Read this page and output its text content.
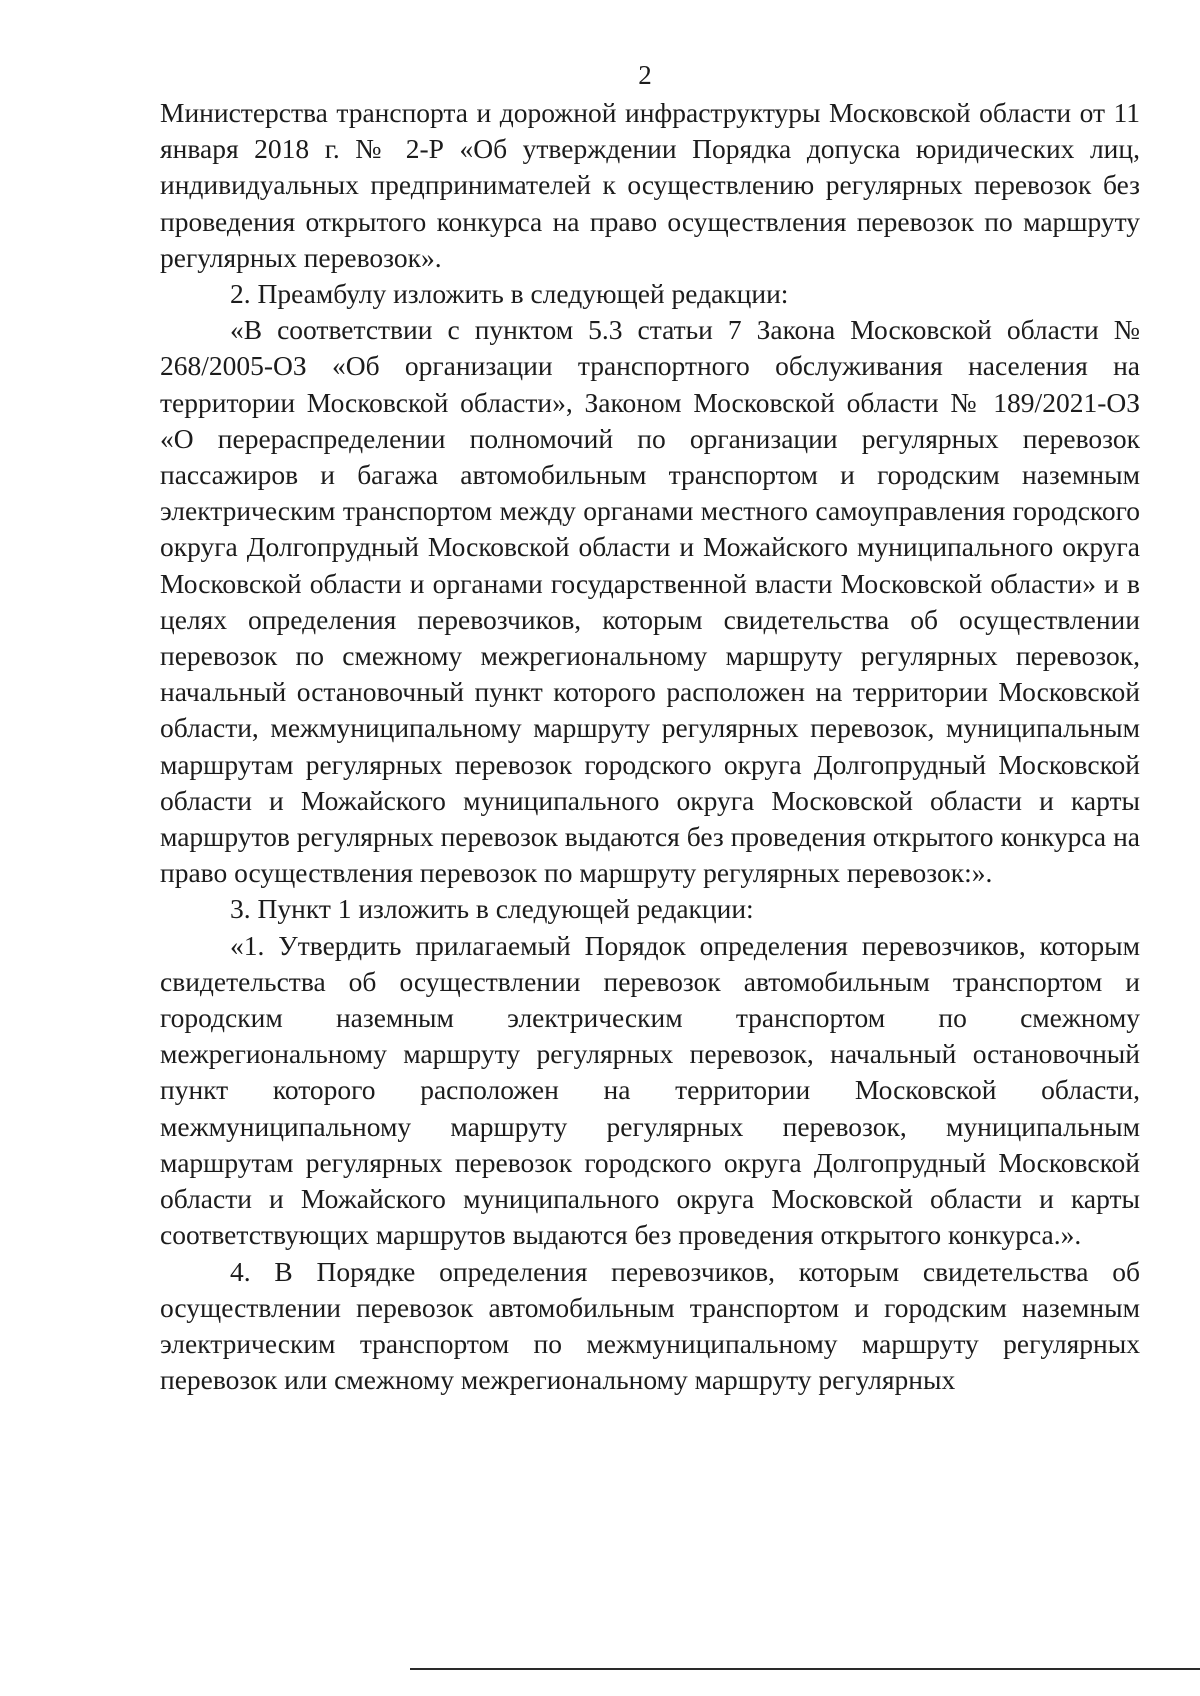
2

Министерства транспорта и дорожной инфраструктуры Московской области от 11 января 2018 г. № 2-Р «Об утверждении Порядка допуска юридических лиц, индивидуальных предпринимателей к осуществлению регулярных перевозок без проведения открытого конкурса на право осуществления перевозок по маршруту регулярных перевозок».

2. Преамбулу изложить в следующей редакции:

«В соответствии с пунктом 5.3 статьи 7 Закона Московской области № 268/2005-ОЗ «Об организации транспортного обслуживания населения на территории Московской области», Законом Московской области № 189/2021-ОЗ «О перераспределении полномочий по организации регулярных перевозок пассажиров и багажа автомобильным транспортом и городским наземным электрическим транспортом между органами местного самоуправления городского округа Долгопрудный Московской области и Можайского муниципального округа Московской области и органами государственной власти Московской области» и в целях определения перевозчиков, которым свидетельства об осуществлении перевозок по смежному межрегиональному маршруту регулярных перевозок, начальный остановочный пункт которого расположен на территории Московской области, межмуниципальному маршруту регулярных перевозок, муниципальным маршрутам регулярных перевозок городского округа Долгопрудный Московской области и Можайского муниципального округа Московской области и карты маршрутов регулярных перевозок выдаются без проведения открытого конкурса на право осуществления перевозок по маршруту регулярных перевозок:».

3. Пункт 1 изложить в следующей редакции:

«1. Утвердить прилагаемый Порядок определения перевозчиков, которым свидетельства об осуществлении перевозок автомобильным транспортом и городским наземным электрическим транспортом по смежному межрегиональному маршруту регулярных перевозок, начальный остановочный пункт которого расположен на территории Московской области, межмуниципальному маршруту регулярных перевозок, муниципальным маршрутам регулярных перевозок городского округа Долгопрудный Московской области и Можайского муниципального округа Московской области и карты соответствующих маршрутов выдаются без проведения открытого конкурса.».

4. В Порядке определения перевозчиков, которым свидетельства об осуществлении перевозок автомобильным транспортом и городским наземным электрическим транспортом по межмуниципальному маршруту регулярных перевозок или смежному межрегиональному маршруту регулярных
